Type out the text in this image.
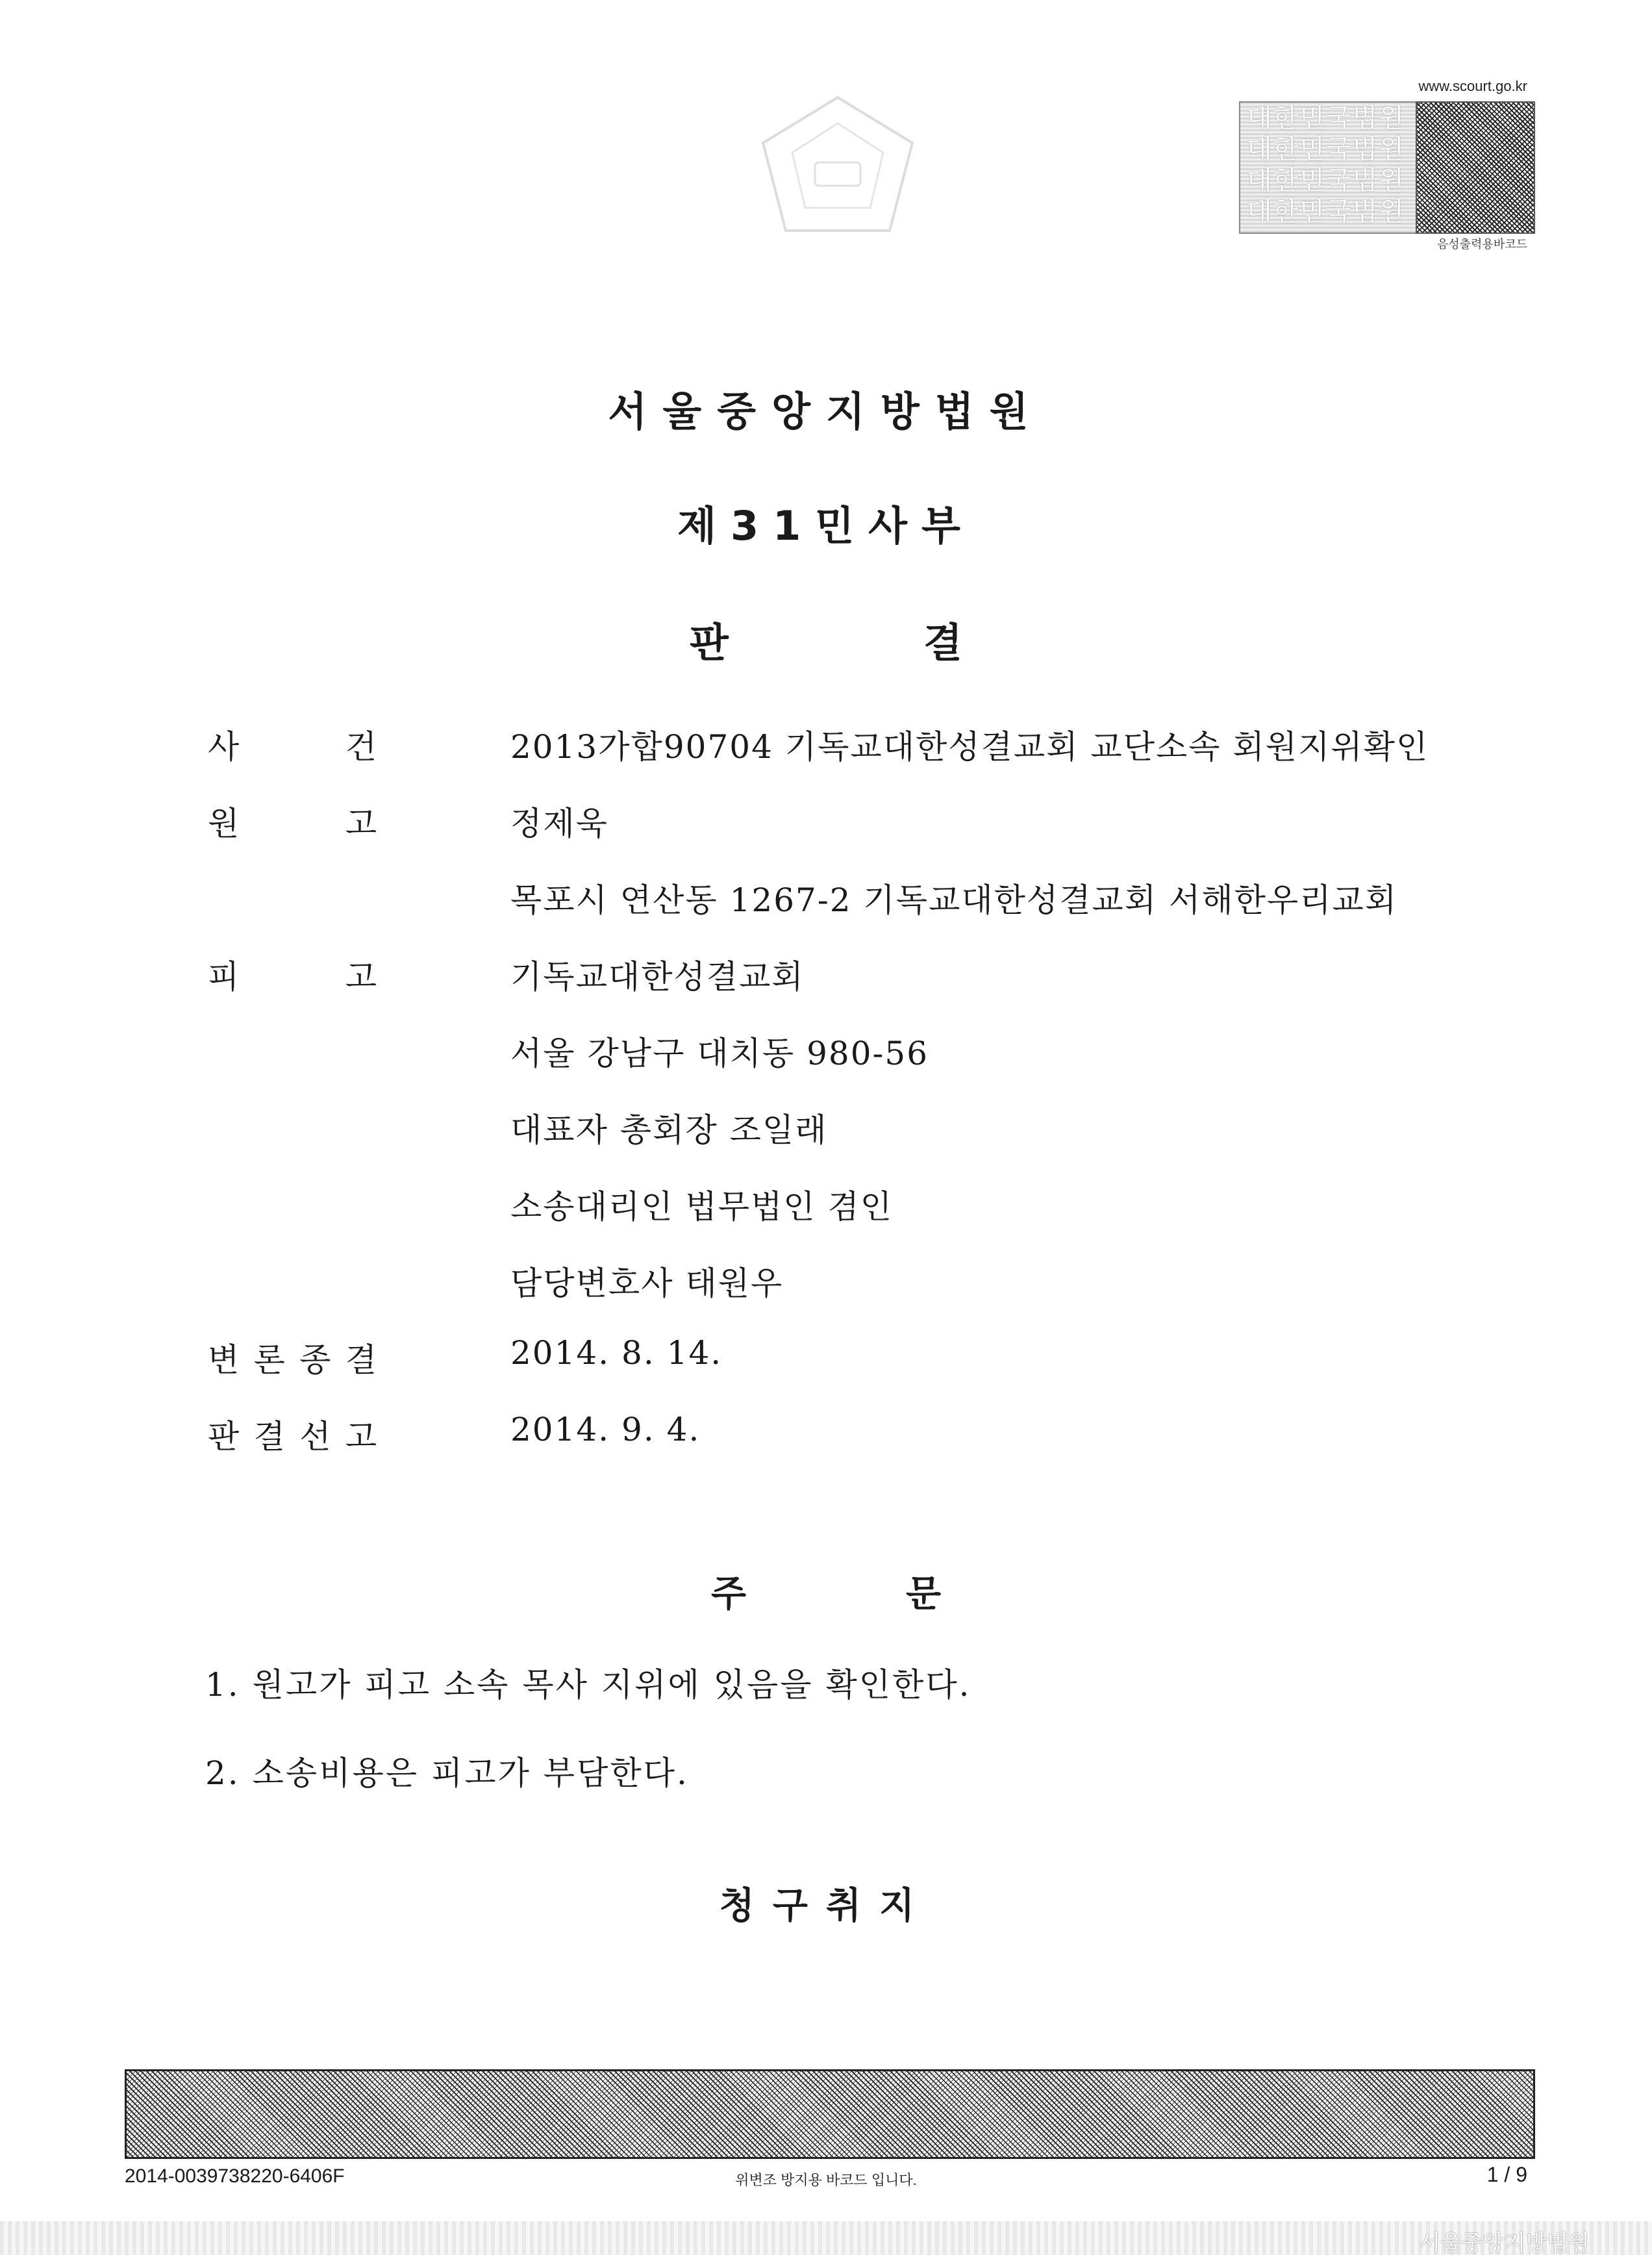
www.scourt.go.kr
대한민국법원
대한민국법원
대한민국법원
대한민국법원
음성출력용바코드
서울중앙지방법원
제31민사부
판	결
사	건	2013가합90704 기독교대한성결교회 교단소속 회원지위확인
원	고	정제욱
목포시 연산동 1267-2 기독교대한성결교회 서해한우리교회
피	고	기독교대한성결교회
서울 강남구 대치동 980-56
대표자 총회장 조일래
소송대리인 법무법인 겸인
담당변호사 태원우
변 론 종 결	2014. 8. 14.
판 결 선 고	2014. 9. 4.
주	문
1. 원고가 피고 소속 목사 지위에 있음을 확인한다.
2. 소송비용은 피고가 부담한다.
청구취지
2014-0039738220-6406F	위변조 방지용 바코드 입니다.	1 / 9
서울중앙지방법원
